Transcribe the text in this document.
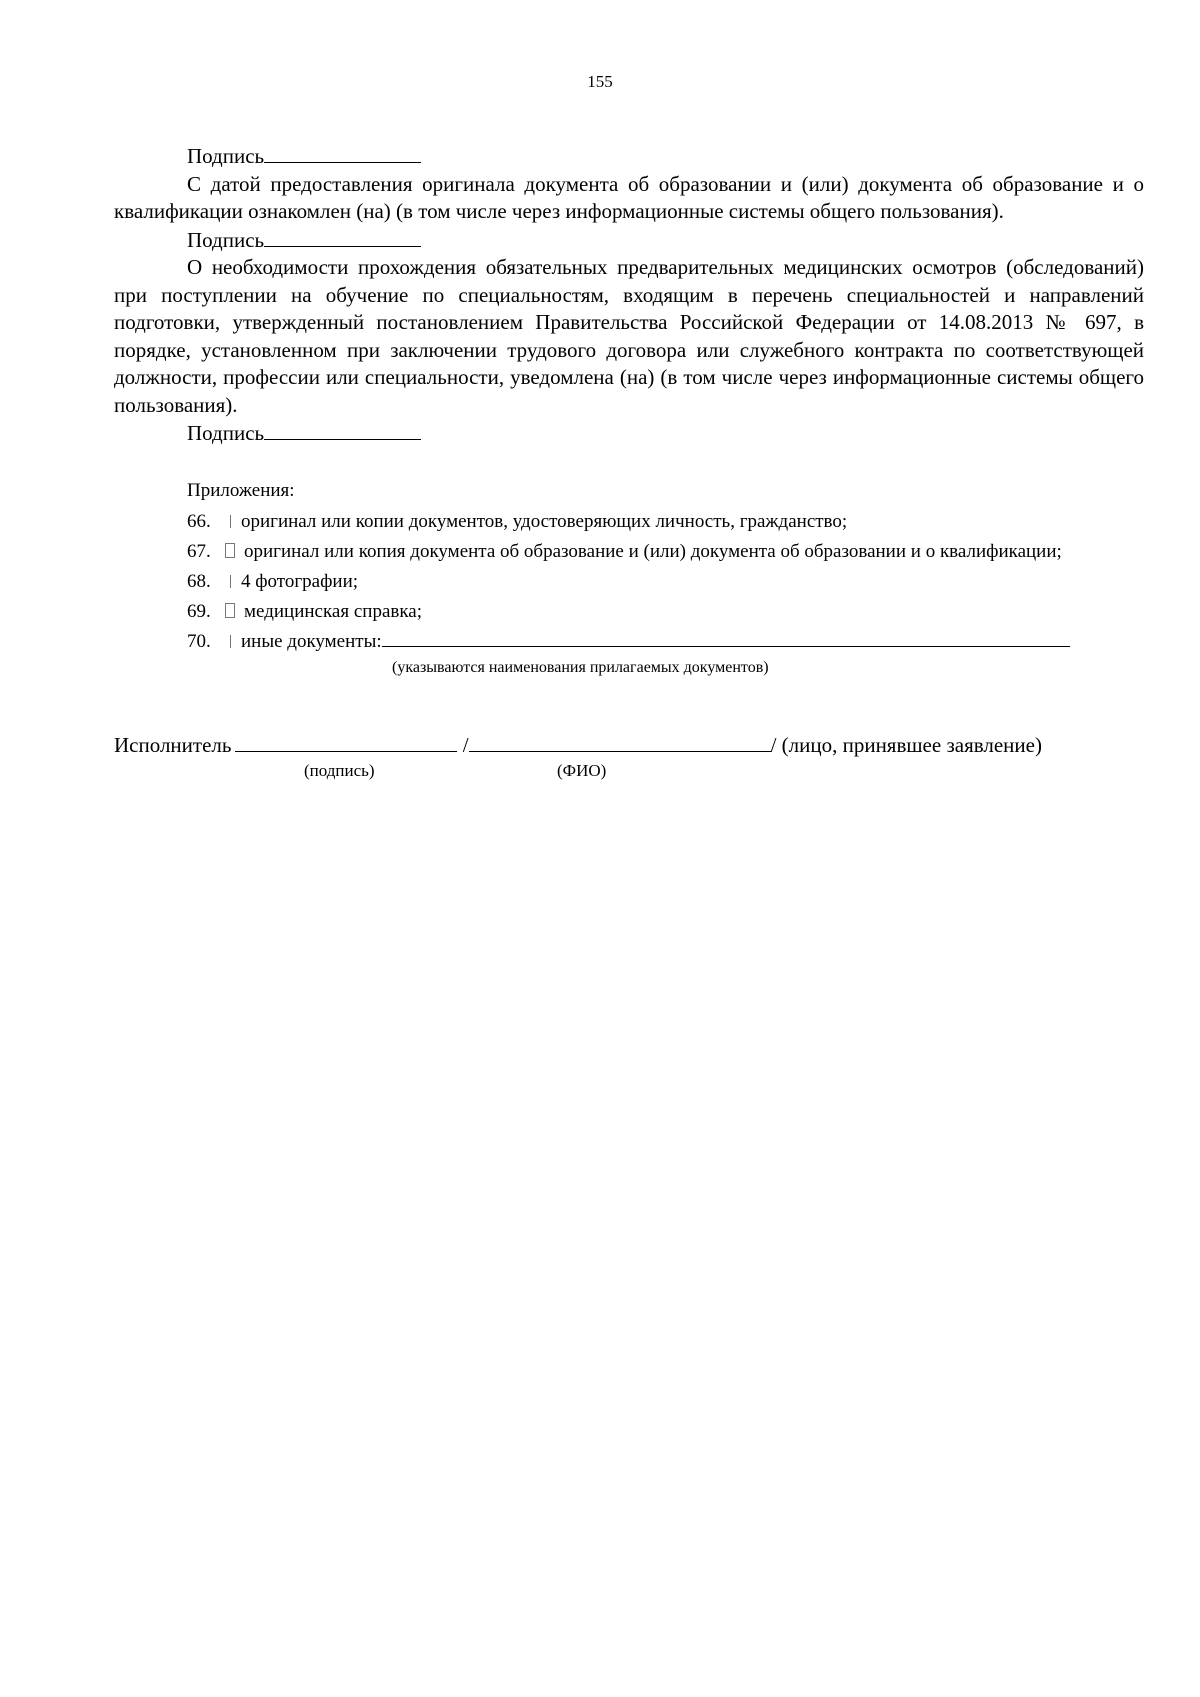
155

Подпись

С датой предоставления оригинала документа об образовании и (или) документа об образование и о квалификации ознакомлен (на) (в том числе через информационные системы общего пользования).

Подпись

О необходимости прохождения обязательных предварительных медицинских осмотров (обследований) при поступлении на обучение по специальностям, входящим в перечень специальностей и направлений подготовки, утвержденный постановлением Правительства Российской Федерации от 14.08.2013 № 697, в порядке, установленном при заключении трудового договора или служебного контракта по соответствующей должности, профессии или специальности, уведомлена (на) (в том числе через информационные системы общего пользования).

Подпись

Приложения:

66. оригинал или копии документов, удостоверяющих личность, гражданство;
67. оригинал или копия документа об образование и (или) документа об образовании и о квалификации;
68. 4 фотографии;
69. медицинская справка;
70. иные документы:

(указываются наименования прилагаемых документов)

Исполнитель	/	/ (лицо, принявшее заявление)

(подпись)	(ФИО)
